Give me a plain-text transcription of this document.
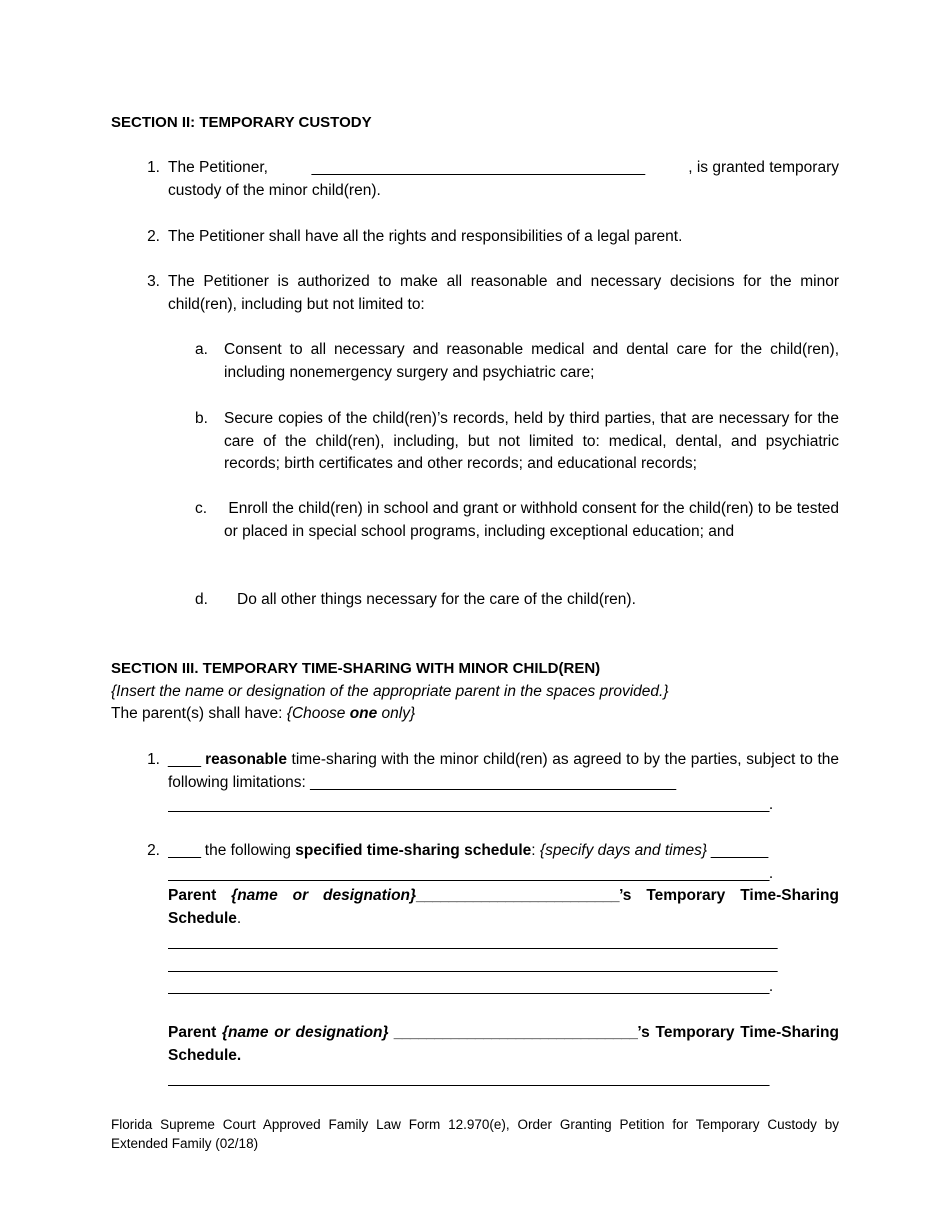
SECTION II: TEMPORARY CUSTODY
1. The Petitioner,	_________________________________________	, is granted temporary
custody of the minor child(ren).
2. The Petitioner shall have all the rights and responsibilities of a legal parent.
3. The Petitioner is authorized to make all reasonable and necessary decisions for the minor child(ren), including but not limited to:
a.	Consent to all necessary and reasonable medical and dental care for the child(ren), including nonemergency surgery and psychiatric care;
b.	Secure copies of the child(ren)’s records, held by third parties, that are necessary for the care of the child(ren), including, but not limited to: medical, dental, and psychiatric records; birth certificates and other records; and educational records;
c.	Enroll the child(ren) in school and grant or withhold consent for the child(ren) to be tested  or placed in special school programs, including exceptional education; and
d.	Do all other things necessary for the care of the child(ren).
SECTION III. TEMPORARY TIME-SHARING WITH MINOR CHILD(REN)
{Insert the name or designation of the appropriate parent in the spaces provided.}
The parent(s) shall have: {Choose one only}
1. ____ reasonable time-sharing with the minor child(ren) as agreed to by the parties, subject to the following limitations: _____________________________________________
__________________________________________________________________________.
2. ____ the following specified time-sharing schedule: {specify days and times} _______
__________________________________________________________________________.
Parent {name or designation}_________________________’s Temporary Time-Sharing Schedule.
___________________________________________________________________________
___________________________________________________________________________
__________________________________________________________________________.
Parent {name or designation} ______________________________’s Temporary Time-Sharing Schedule.
__________________________________________________________________________
Florida Supreme Court Approved Family Law Form 12.970(e), Order Granting Petition for Temporary Custody by Extended Family (02/18)
